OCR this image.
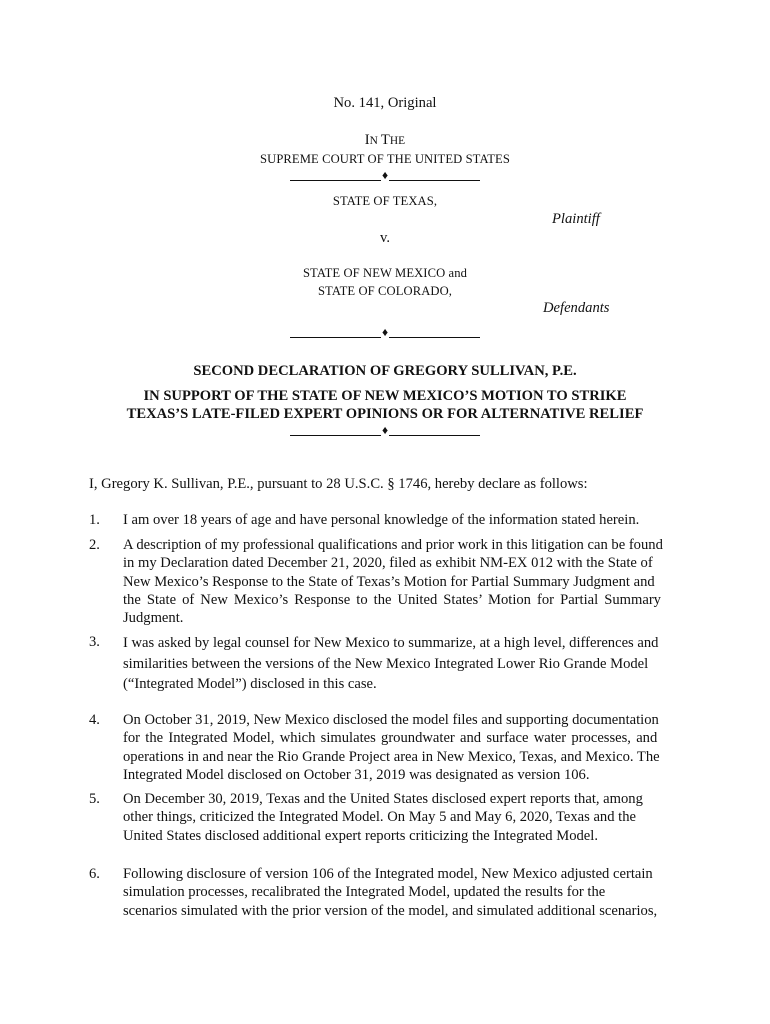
No. 141, Original
IN THE
SUPREME COURT OF THE UNITED STATES
♦
STATE OF TEXAS,
Plaintiff
v.
STATE OF NEW MEXICO and
STATE OF COLORADO,
Defendants
♦
SECOND DECLARATION OF GREGORY SULLIVAN, P.E.
IN SUPPORT OF THE STATE OF NEW MEXICO’S MOTION TO STRIKE
TEXAS’S LATE-FILED EXPERT OPINIONS OR FOR ALTERNATIVE RELIEF
♦
I, Gregory K. Sullivan, P.E., pursuant to 28 U.S.C. § 1746, hereby declare as follows:
1. I am over 18 years of age and have personal knowledge of the information stated herein.
2. A description of my professional qualifications and prior work in this litigation can be found
in my Declaration dated December 21, 2020, filed as exhibit NM-EX 012 with the State of
New Mexico’s Response to the State of Texas’s Motion for Partial Summary Judgment and
the State of New Mexico’s Response to the United States’ Motion for Partial Summary
Judgment.
3. I was asked by legal counsel for New Mexico to summarize, at a high level, differences and
similarities between the versions of the New Mexico Integrated Lower Rio Grande Model
(“Integrated Model”) disclosed in this case.
4. On October 31, 2019, New Mexico disclosed the model files and supporting documentation
for the Integrated Model, which simulates groundwater and surface water processes, and
operations in and near the Rio Grande Project area in New Mexico, Texas, and Mexico. The
Integrated Model disclosed on October 31, 2019 was designated as version 106.
5. On December 30, 2019, Texas and the United States disclosed expert reports that, among
other things, criticized the Integrated Model. On May 5 and May 6, 2020, Texas and the
United States disclosed additional expert reports criticizing the Integrated Model.
6. Following disclosure of version 106 of the Integrated model, New Mexico adjusted certain
simulation processes, recalibrated the Integrated Model, updated the results for the
scenarios simulated with the prior version of the model, and simulated additional scenarios,
